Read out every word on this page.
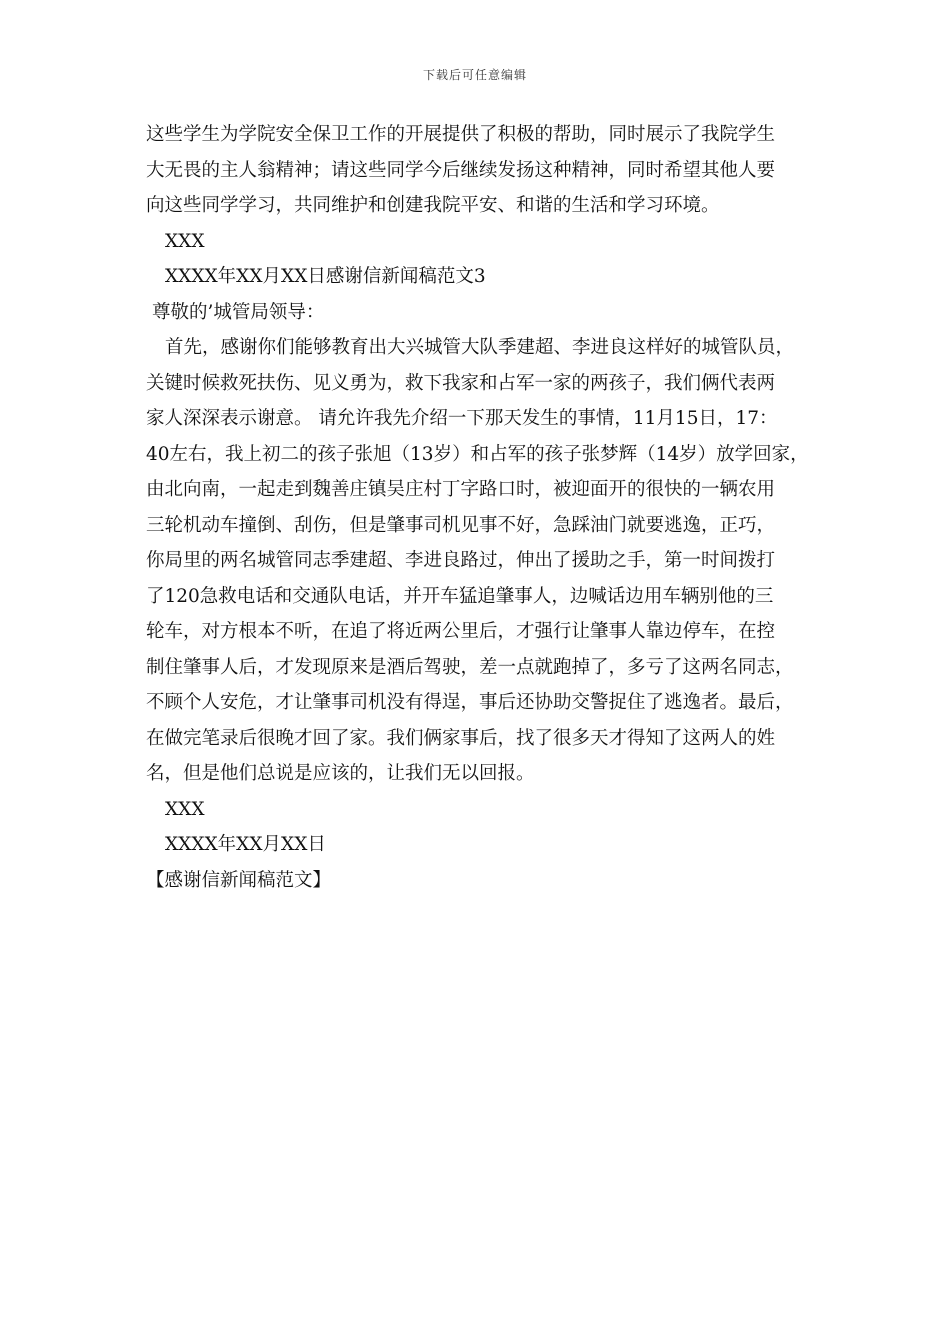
下载后可任意编辑
这些学生为学院安全保卫工作的开展提供了积极的帮助，同时展示了我院学生
大无畏的主人翁精神；请这些同学今后继续发扬这种精神，同时希望其他人要
向这些同学学习，共同维护和创建我院平安、和谐的生活和学习环境。
XXX
XXXX年XX月XX日感谢信新闻稿范文3
尊敬的’城管局领导：
首先，感谢你们能够教育出大兴城管大队季建超、李进良这样好的城管队员，
关键时候救死扶伤、见义勇为，救下我家和占军一家的两孩子，我们俩代表两
家人深深表示谢意。 请允许我先介绍一下那天发生的事情，11月15日，17：
40左右，我上初二的孩子张旭（13岁）和占军的孩子张梦辉（14岁）放学回家，
由北向南，一起走到魏善庄镇吴庄村丁字路口时，被迎面开的很快的一辆农用
三轮机动车撞倒、刮伤，但是肇事司机见事不好，急踩油门就要逃逸，正巧，
你局里的两名城管同志季建超、李进良路过，伸出了援助之手，第一时间拨打
了120急救电话和交通队电话，并开车猛追肇事人，边喊话边用车辆别他的三
轮车，对方根本不听，在追了将近两公里后，才强行让肇事人靠边停车，在控
制住肇事人后，才发现原来是酒后驾驶，差一点就跑掉了，多亏了这两名同志，
不顾个人安危，才让肇事司机没有得逞，事后还协助交警捉住了逃逸者。最后，
在做完笔录后很晚才回了家。我们俩家事后，找了很多天才得知了这两人的姓
名，但是他们总说是应该的，让我们无以回报。
XXX
XXXX年XX月XX日
【感谢信新闻稿范文】
